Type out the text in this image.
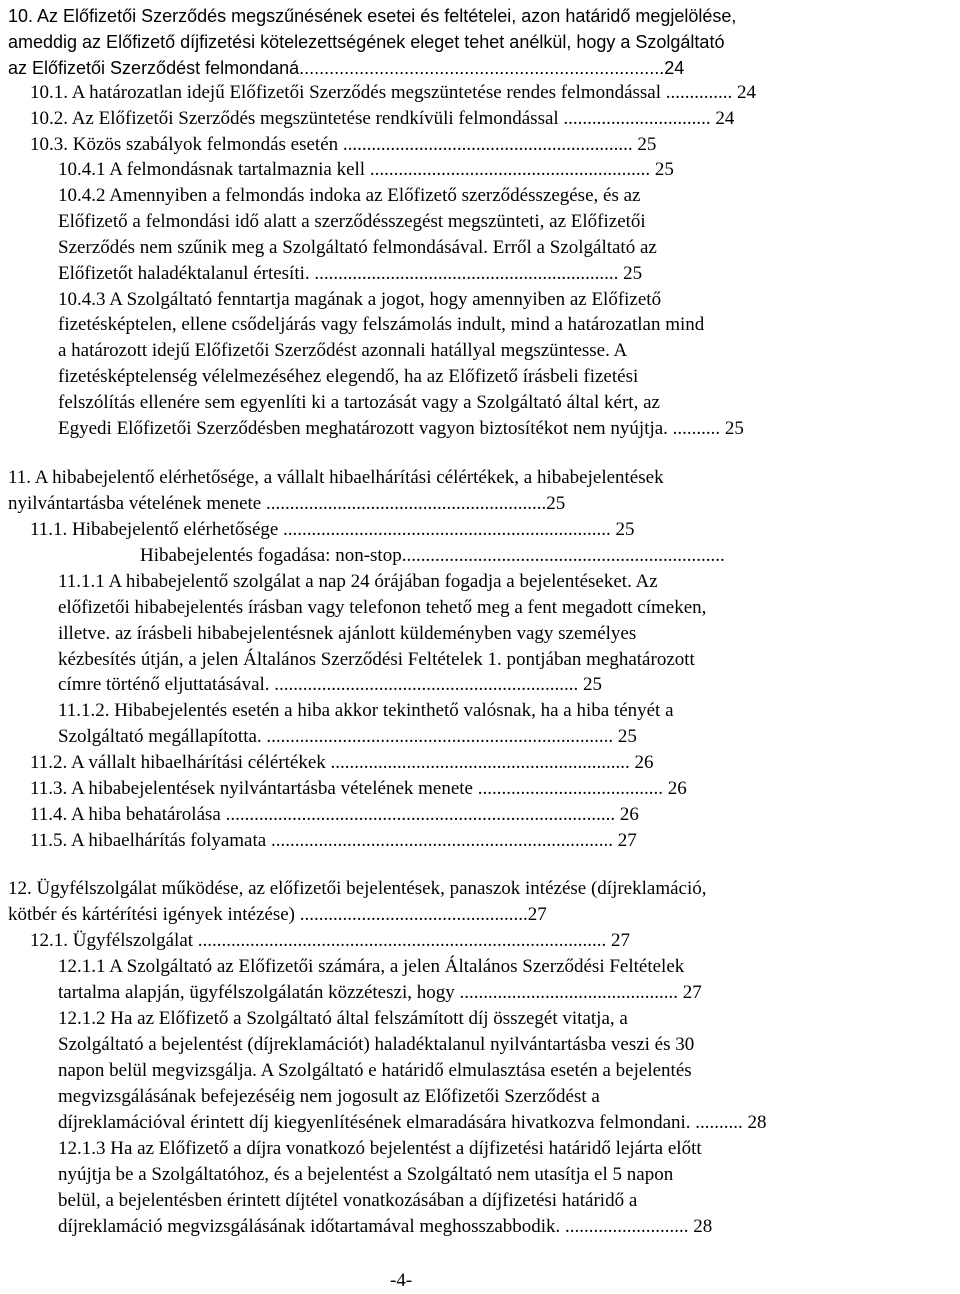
10. Az Előfizetői Szerződés megszűnésének esetei és feltételei, azon határidő megjelölése,
ameddig az Előfizető díjfizetési kötelezettségének eleget tehet anélkül, hogy a Szolgáltató
az Előfizetői Szerződést felmondaná.........................................................................24
10.1. A határozatlan idejű Előfizetői Szerződés megszüntetése rendes felmondással .............. 24
10.2. Az Előfizetői Szerződés megszüntetése rendkívüli felmondással ............................... 24
10.3. Közös szabályok felmondás esetén ............................................................. 25
10.4.1 A felmondásnak tartalmaznia kell ........................................................... 25
10.4.2 Amennyiben a felmondás indoka az Előfizető szerződésszegése, és az
Előfizető a felmondási idő alatt a szerződésszegést megszünteti, az Előfizetői
Szerződés nem szűnik meg a Szolgáltató felmondásával. Erről a Szolgáltató az
Előfizetőt haladéktalanul értesíti. ................................................................ 25
10.4.3 A Szolgáltató fenntartja magának a jogot, hogy amennyiben az Előfizető
fizetésképtelen, ellene csődeljárás vagy felszámolás indult, mind a határozatlan mind
a határozott idejű Előfizetői Szerződést azonnali hatállyal megszüntesse. A
fizetésképtelenség vélelmezéséhez elegendő, ha az Előfizető írásbeli fizetési
felszólítás ellenére sem egyenlíti ki a tartozását vagy a Szolgáltató által kért, az
Egyedi Előfizetői Szerződésben meghatározott vagyon biztosítékot nem nyújtja. .......... 25
11. A hibabejelentő elérhetősége, a vállalt hibaelhárítási célértékek, a hibabejelentések
nyilvántartásba vételének menete ...........................................................25
11.1. Hibabejelentő elérhetősége ..................................................................... 25
Hibabejelentés fogadása: non-stop....................................................................
11.1.1 A hibabejelentő szolgálat a nap 24 órájában fogadja a bejelentéseket. Az
előfizetői hibabejelentés írásban vagy telefonon tehető meg a fent megadott címeken,
illetve. az írásbeli hibabejelentésnek ajánlott küldeményben vagy személyes
kézbesítés útján, a jelen Általános Szerződési Feltételek 1. pontjában meghatározott
címre történő eljuttatásával. ................................................................ 25
11.1.2. Hibabejelentés esetén a hiba akkor tekinthető valósnak, ha a hiba tényét a
Szolgáltató megállapította. ......................................................................... 25
11.2. A vállalt hibaelhárítási célértékek ............................................................... 26
11.3. A hibabejelentések nyilvántartásba vételének menete ....................................... 26
11.4. A hiba behatárolása .................................................................................. 26
11.5. A hibaelhárítás folyamata ........................................................................ 27
12. Ügyfélszolgálat működése, az előfizetői bejelentések, panaszok intézése (díjreklamáció,
kötbér és kártérítési igények intézése) ................................................27
12.1. Ügyfélszolgálat ...................................................................................... 27
12.1.1 A Szolgáltató az Előfizetői számára, a jelen Általános Szerződési Feltételek
tartalma alapján, ügyfélszolgálatán közzéteszi, hogy .............................................. 27
12.1.2 Ha az Előfizető a Szolgáltató által felszámított díj összegét vitatja, a
Szolgáltató a bejelentést (díjreklamációt) haladéktalanul nyilvántartásba veszi és 30
napon belül megvizsgálja. A Szolgáltató e határidő elmulasztása esetén a bejelentés
megvizsgálásának befejezéséig nem jogosult az Előfizetői Szerződést a
díjreklamációval érintett díj kiegyenlítésének elmaradására hivatkozva felmondani. .......... 28
12.1.3 Ha az Előfizető a díjra vonatkozó bejelentést a díjfizetési határidő lejárta előtt
nyújtja be a Szolgáltatóhoz, és a bejelentést a Szolgáltató nem utasítja el 5 napon
belül, a bejelentésben érintett díjtétel vonatkozásában a díjfizetési határidő a
díjreklamáció megvizsgálásának időtartamával meghosszabbodik. .......................... 28
-4-
